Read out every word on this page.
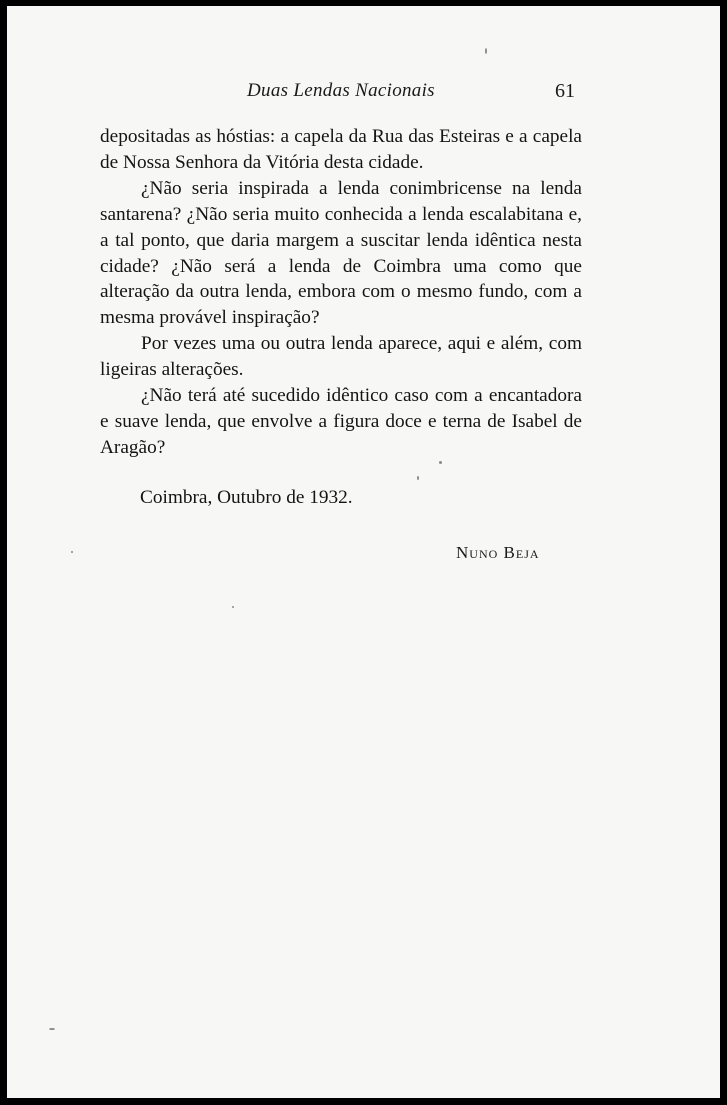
Duas Lendas Nacionais	61

depositadas as hóstias: a capela da Rua das Esteiras e a capela de Nossa Senhora da Vitória desta cidade.

¿Não seria inspirada a lenda conimbricense na lenda santarena? ¿Não seria muito conhecida a lenda escalabitana e, a tal ponto, que daria margem a suscitar lenda idêntica nesta cidade? ¿Não será a lenda de Coimbra uma como que alteração da outra lenda, embora com o mesmo fundo, com a mesma provável inspiração?

Por vezes uma ou outra lenda aparece, aqui e além, com ligeiras alterações.

¿Não terá até sucedido idêntico caso com a encantadora e suave lenda, que envolve a figura doce e terna de Isabel de Aragão?

Coimbra, Outubro de 1932.
Nuno Beja
